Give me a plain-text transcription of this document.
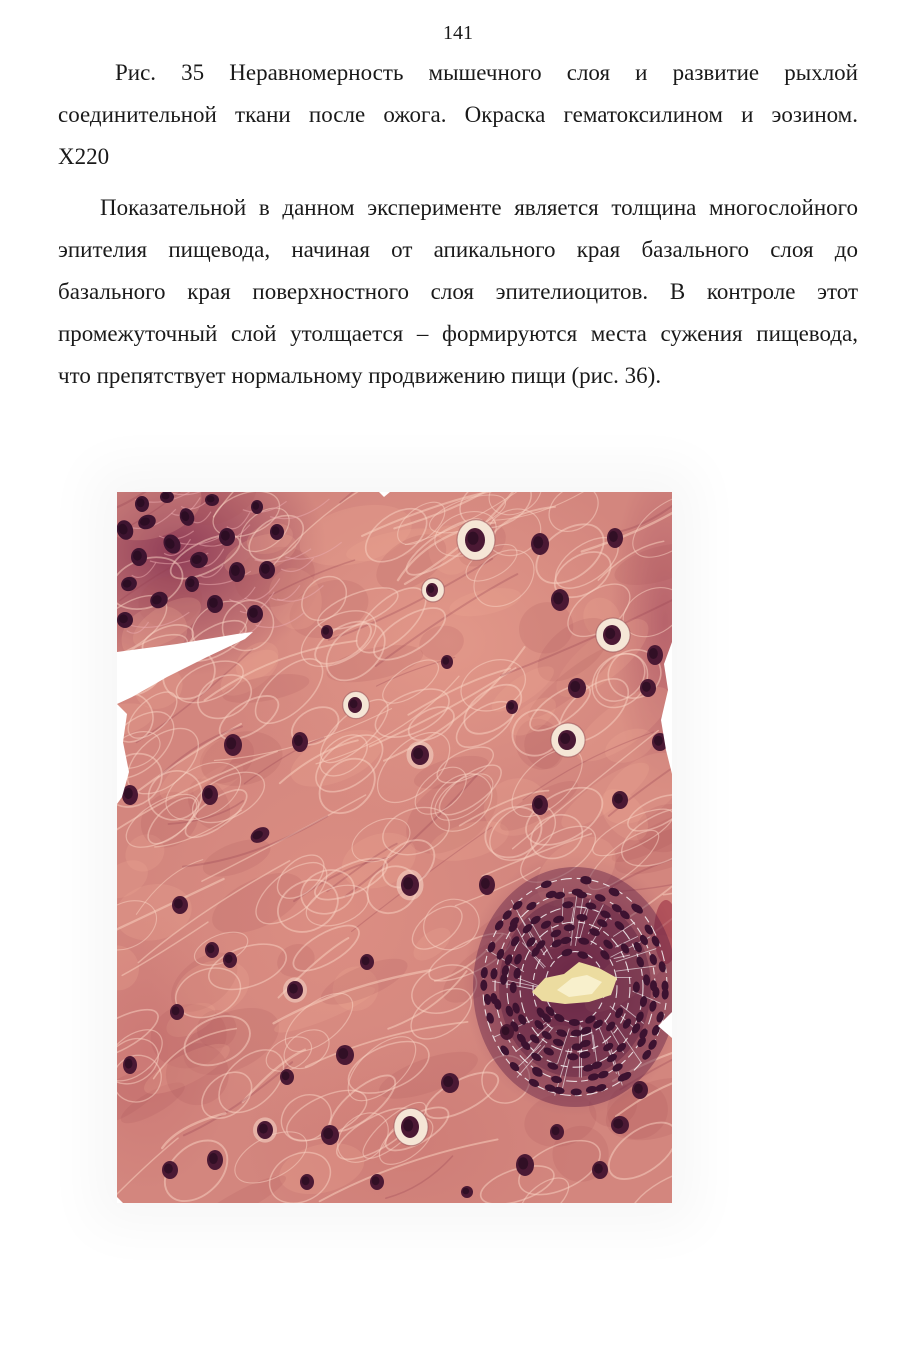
141
Рис. 35 Неравномерность мышечного слоя и развитие рыхлой
соединительной ткани после ожога. Окраска гематоксилином и эозином.
Х220
Показательной в данном эксперименте является толщина многослойного
эпителия пищевода, начиная от апикального края базального слоя до
базального края поверхностного слоя эпителиоцитов. В контроле этот
промежуточный слой утолщается – формируются места сужения пищевода,
что препятствует нормальному продвижению пищи (рис. 36).
